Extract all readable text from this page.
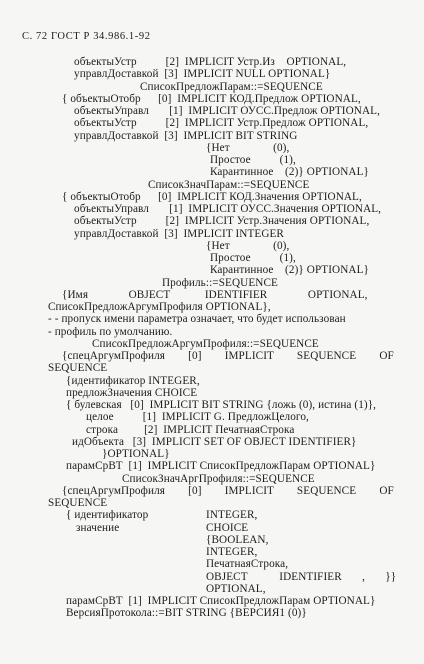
С. 72 ГОСТ Р 34.986.1-92
объектыУстр          [2]  IMPLICIT Устр.Из    OPTIONAL,
управлДоставкой  [3]  IMPLICIT NULL OPTIONAL}
СписокПредложПарам::=SEQUENCE
{ объектыОтобр      [0]  IMPLICIT КОД.Предлож OPTIONAL,
объектыУправл       [1]  IMPLICIT ОУСС.Предлож OPTIONAL,
объектыУстр          [2]  IMPLICIT Устр.Предлож OPTIONAL,
управлДоставкой  [3]  IMPLICIT BIT STRING
{Нет               (0),
Простое          (1),
Карантинное    (2)} OPTIONAL}
СписокЗначПарам::=SEQUENCE
{ объектыОтобр      [0]  IMPLICIT КОД.Значения OPTIONAL,
объектыУправл       [1]  IMPLICIT ОУСС.Значения OPTIONAL,
объектыУстр          [2]  IMPLICIT Устр.Значения OPTIONAL,
управлДоставкой  [3]  IMPLICIT INTEGER
{Нет               (0),
Простое          (1),
Карантинное    (2)} OPTIONAL}
Профиль::=SEQUENCE
{Имя              OBJECT            IDENTIFIER              OPTIONAL,
СписокПредложАргумПрофиля OPTIONAL},
- - пропуск имени параметра означает, что будет использован
- профиль по умолчанию.
СписокПредложАргумПрофиля::=SEQUENCE
{спецАргумПрофиля        [0]        IMPLICIT        SEQUENCE        OF
SEQUENCE
{идентификатор INTEGER,
предложЗначения CHOICE
{ булевская   [0]  IMPLICIT BIT STRING {ложь (0), истина (1)},
целое          [1]  IMPLICIT G. ПредложЦелого,
строка         [2]  IMPLICIT ПечатнаяСтрока
идОбъекта   [3]  IMPLICIT SET OF OBJECT IDENTIFIER}
}OPTIONAL}
парамСрВТ  [1]  IMPLICIT СписокПредложПарам OPTIONAL}
СписокЗначАргПрофиля::=SEQUENCE
{спецАргумПрофиля        [0]        IMPLICIT        SEQUENCE        OF
SEQUENCE
{ идентификатор	INTEGER,
значение	CHOICE
{BOOLEAN,
INTEGER,
ПечатнаяСтрока,
OBJECT           IDENTIFIER       ,       }}
OPTIONAL,
парамСрВТ  [1]  IMPLICIT СписокПредложПарам OPTIONAL}
ВерсияПротокола::=BIT STRING {ВЕРСИЯ1 (0)}
